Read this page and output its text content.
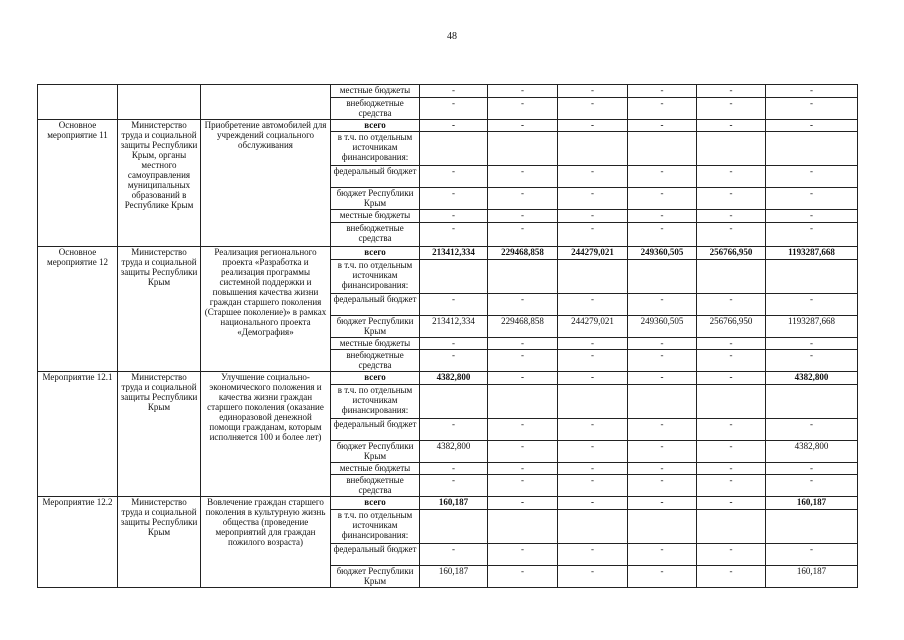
48
			местные бюджеты	-	-	-	-	-	-
			внебюджетные средства	-	-	-	-	-	-
Основное мероприятие 11	Министерство труда и социальной защиты Республики Крым, органы местного самоуправления муниципальных образований в Республике Крым	Приобретение автомобилей для учреждений социального обслуживания	всего	-	-	-	-	-	-
			в т.ч. по отдельным источникам финансирования:						
			федеральный бюджет	-	-	-	-	-	-
			бюджет Республики Крым	-	-	-	-	-	-
			местные бюджеты	-	-	-	-	-	-
			внебюджетные средства	-	-	-	-	-	-
Основное мероприятие 12	Министерство труда и социальной защиты Республики Крым	Реализация регионального проекта «Разработка и реализация программы системной поддержки и повышения качества жизни граждан старшего поколения (Старшее поколение)» в рамках национального проекта «Демография»	всего	213412,334	229468,858	244279,021	249360,505	256766,950	1193287,668
			в т.ч. по отдельным источникам финансирования:						
			федеральный бюджет	-	-	-	-	-	-
			бюджет Республики Крым	213412,334	229468,858	244279,021	249360,505	256766,950	1193287,668
			местные бюджеты	-	-	-	-	-	-
			внебюджетные средства	-	-	-	-	-	-
Мероприятие 12.1	Министерство труда и социальной защиты Республики Крым	Улучшение социально-экономического положения и качества жизни граждан старшего поколения (оказание единоразовой денежной помощи гражданам, которым исполняется 100 и более лет)	всего	4382,800	-	-	-	-	4382,800
			в т.ч. по отдельным источникам финансирования:						
			федеральный бюджет	-	-	-	-	-	-
			бюджет Республики Крым	4382,800	-	-	-	-	4382,800
			местные бюджеты	-	-	-	-	-	-
			внебюджетные средства	-	-	-	-	-	-
Мероприятие 12.2	Министерство труда и социальной защиты Республики Крым	Вовлечение граждан старшего поколения в культурную жизнь общества (проведение мероприятий для граждан пожилого возраста)	всего	160,187	-	-	-	-	160,187
			в т.ч. по отдельным источникам финансирования:						
			федеральный бюджет	-	-	-	-	-	-
			бюджет Республики Крым	160,187	-	-	-	-	160,187
